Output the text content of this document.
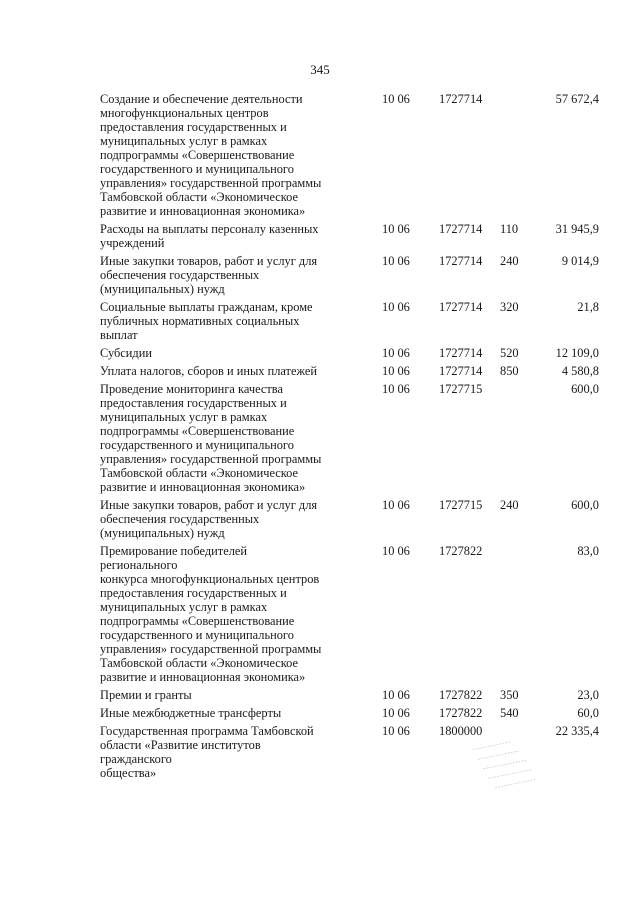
345
Создание и обеспечение деятельности
многофункциональных центров
предоставления государственных и
муниципальных услуг в рамках
подпрограммы «Совершенствование
государственного и муниципального
управления» государственной программы
Тамбовской области «Экономическое
развитие и инновационная экономика»
10 06 1727714	57 672,4
Расходы на выплаты персоналу казенных
учреждений
10 06 1727714 110	31 945,9
Иные закупки товаров, работ и услуг для
обеспечения государственных
(муниципальных) нужд
10 06 1727714 240	9 014,9
Социальные выплаты гражданам, кроме
публичных нормативных социальных
выплат
10 06 1727714 320	21,8
Субсидии	10 06 1727714 520	12 109,0
Уплата налогов, сборов и иных платежей	10 06 1727714 850	4 580,8
Проведение мониторинга качества
предоставления государственных и
муниципальных услуг в рамках
подпрограммы «Совершенствование
государственного и муниципального
управления» государственной программы
Тамбовской области «Экономическое
развитие и инновационная экономика»
10 06 1727715	600,0
Иные закупки товаров, работ и услуг для
обеспечения государственных
(муниципальных) нужд
10 06 1727715 240	600,0
Премирование победителей регионального
конкурса многофункциональных центров
предоставления государственных и
муниципальных услуг в рамках
подпрограммы «Совершенствование
государственного и муниципального
управления» государственной программы
Тамбовской области «Экономическое
развитие и инновационная экономика»
10 06 1727822	83,0
Премии и гранты	10 06 1727822 350	23,0
Иные межбюджетные трансферты	10 06 1727822 540	60,0
Государственная программа Тамбовской
области «Развитие институтов гражданского
общества»
10 06 1800000	22 335,4
